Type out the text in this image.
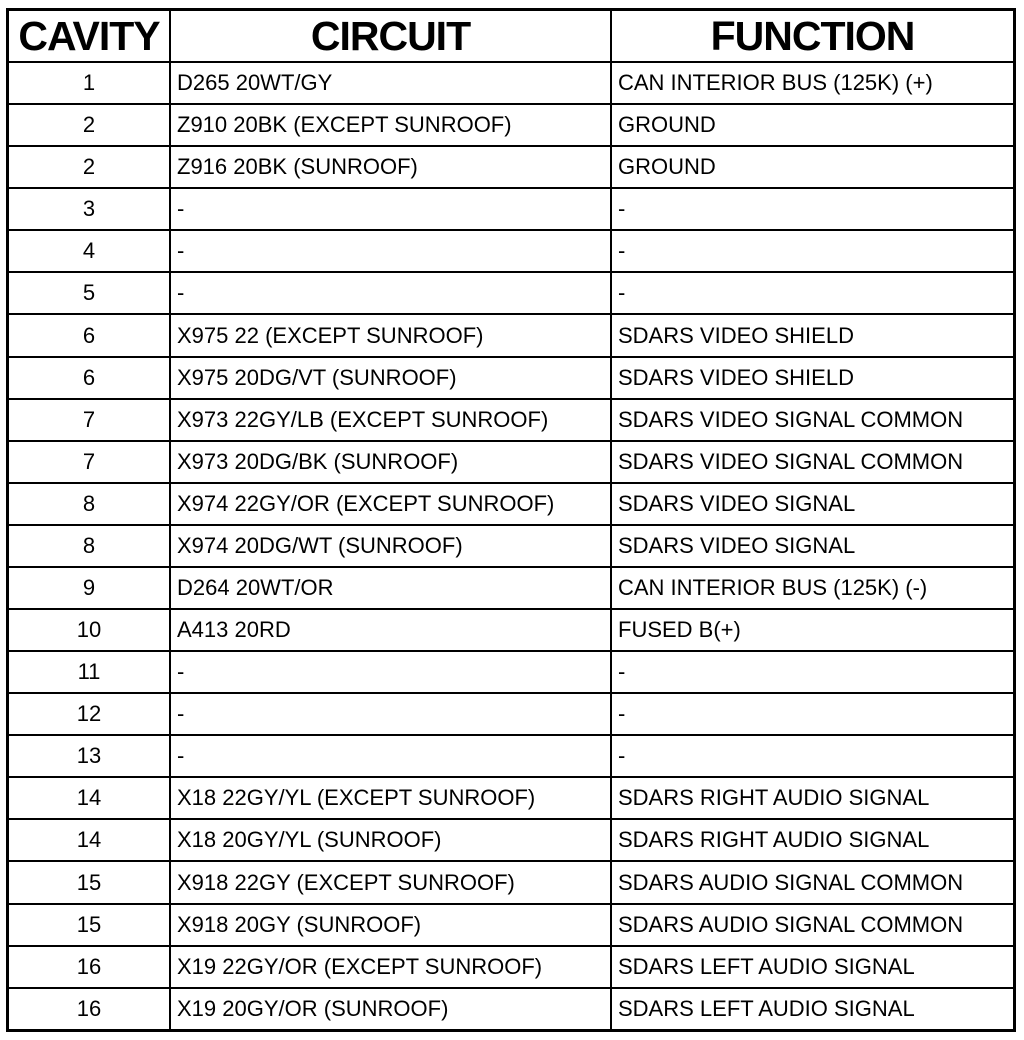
CAVITY	CIRCUIT	FUNCTION
1	D265 20WT/GY	CAN INTERIOR BUS (125K) (+)
2	Z910 20BK (EXCEPT SUNROOF)	GROUND
2	Z916 20BK (SUNROOF)	GROUND
3	-	-
4	-	-
5	-	-
6	X975 22 (EXCEPT SUNROOF)	SDARS VIDEO SHIELD
6	X975 20DG/VT (SUNROOF)	SDARS VIDEO SHIELD
7	X973 22GY/LB (EXCEPT SUNROOF)	SDARS VIDEO SIGNAL COMMON
7	X973 20DG/BK (SUNROOF)	SDARS VIDEO SIGNAL COMMON
8	X974 22GY/OR (EXCEPT SUNROOF)	SDARS VIDEO SIGNAL
8	X974 20DG/WT (SUNROOF)	SDARS VIDEO SIGNAL
9	D264 20WT/OR	CAN INTERIOR BUS (125K) (-)
10	A413 20RD	FUSED B(+)
11	-	-
12	-	-
13	-	-
14	X18 22GY/YL (EXCEPT SUNROOF)	SDARS RIGHT AUDIO SIGNAL
14	X18 20GY/YL (SUNROOF)	SDARS RIGHT AUDIO SIGNAL
15	X918 22GY (EXCEPT SUNROOF)	SDARS AUDIO SIGNAL COMMON
15	X918 20GY (SUNROOF)	SDARS AUDIO SIGNAL COMMON
16	X19 22GY/OR (EXCEPT SUNROOF)	SDARS LEFT AUDIO SIGNAL
16	X19 20GY/OR (SUNROOF)	SDARS LEFT AUDIO SIGNAL
